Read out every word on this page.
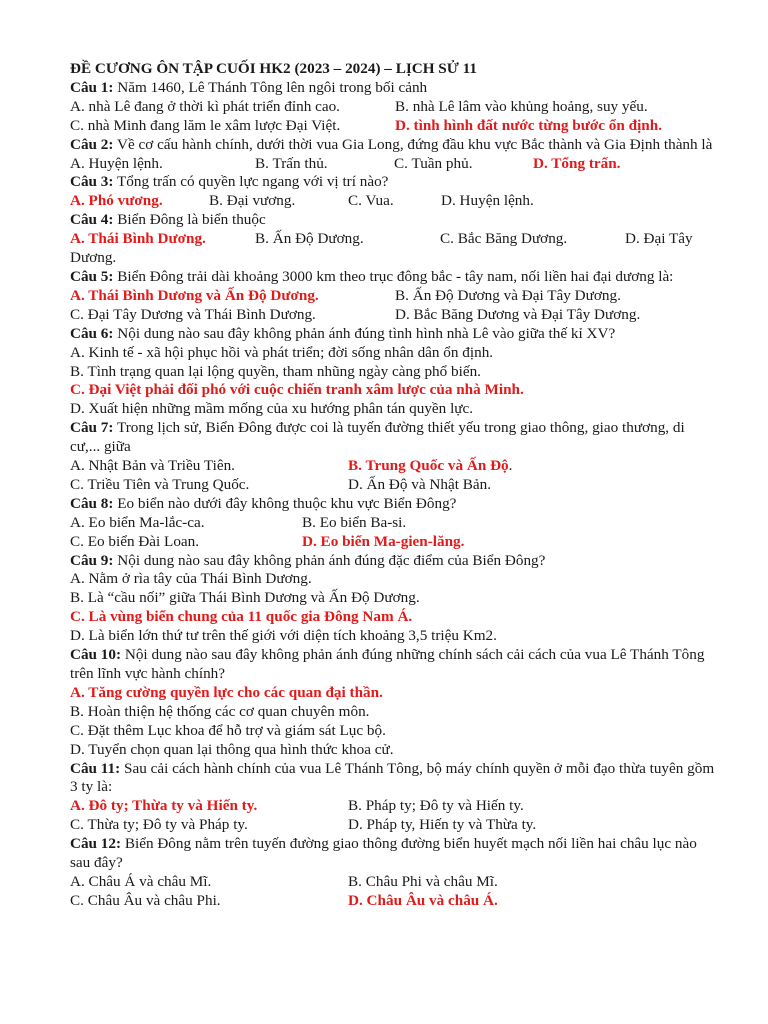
ĐỀ CƯƠNG ÔN TẬP CUỐI HK2 (2023 – 2024) – LỊCH SỬ 11

Câu 1: Năm 1460, Lê Thánh Tông lên ngôi trong bối cảnh

A. nhà Lê đang ở thời kì phát triển đỉnh cao.	B. nhà Lê lâm vào khủng hoảng, suy yếu.
C. nhà Minh đang lăm le xâm lược Đại Việt.	D. tình hình đất nước từng bước ổn định.

Câu 2: Về cơ cấu hành chính, dưới thời vua Gia Long, đứng đầu khu vực Bắc thành và Gia Định thành là

A. Huyện lệnh.	B. Trấn thủ.	C. Tuần phủ.	D. Tổng trấn.

Câu 3: Tổng trấn có quyền lực ngang với vị trí nào?

A. Phó vương.	B. Đại vương.	C. Vua.	D. Huyện lệnh.

Câu 4: Biển Đông là biển thuộc

A. Thái Bình Dương.	B. Ấn Độ Dương.	C. Bắc Băng Dương.	D. Đại Tây

Dương.

Câu 5: Biển Đông trải dài khoảng 3000 km theo trục đông bắc - tây nam, nối liền hai đại dương là:

A. Thái Bình Dương và Ấn Độ Dương.	B. Ấn Độ Dương và Đại Tây Dương.
C. Đại Tây Dương và Thái Bình Dương.	D. Bắc Băng Dương và Đại Tây Dương.

Câu 6: Nội dung nào sau đây không phản ánh đúng tình hình nhà Lê vào giữa thế kỉ XV?

A. Kinh tế - xã hội phục hồi và phát triển; đời sống nhân dân ổn định.

B. Tình trạng quan lại lộng quyền, tham nhũng ngày càng phổ biến.

C. Đại Việt phải đối phó với cuộc chiến tranh xâm lược của nhà Minh.

D. Xuất hiện những mầm mống của xu hướng phân tán quyền lực.

Câu 7: Trong lịch sử, Biển Đông được coi là tuyến đường thiết yếu trong giao thông, giao thương, di cư,... giữa

A. Nhật Bản và Triều Tiên.	B. Trung Quốc và Ấn Độ.
C. Triều Tiên và Trung Quốc.	D. Ấn Độ và Nhật Bản.

Câu 8: Eo biển nào dưới đây không thuộc khu vực Biển Đông?

A. Eo biển Ma-lắc-ca.	B. Eo biển Ba-si.
C. Eo biển Đài Loan.	D. Eo biển Ma-gien-lăng.

Câu 9: Nội dung nào sau đây không phản ánh đúng đặc điểm của Biển Đông?

A. Nằm ở rìa tây của Thái Bình Dương.

B. Là “cầu nối” giữa Thái Bình Dương và Ấn Độ Dương.

C. Là vùng biển chung của 11 quốc gia Đông Nam Á.

D. Là biển lớn thứ tư trên thế giới với diện tích khoảng 3,5 triệu Km2.

Câu 10: Nội dung nào sau đây không phản ánh đúng những chính sách cải cách của vua Lê Thánh Tông trên lĩnh vực hành chính?

A. Tăng cường quyền lực cho các quan đại thần.

B. Hoàn thiện hệ thống các cơ quan chuyên môn.

C. Đặt thêm Lục khoa để hỗ trợ và giám sát Lục bộ.

D. Tuyển chọn quan lại thông qua hình thức khoa cử.

Câu 11: Sau cải cách hành chính của vua Lê Thánh Tông, bộ máy chính quyền ở mỗi đạo thừa tuyên gồm 3 ty là:

A. Đô ty; Thừa ty và Hiến ty.	B. Pháp ty; Đô ty và Hiến ty.
C. Thừa ty; Đô ty và Pháp ty.	D. Pháp ty, Hiến ty và Thừa ty.

Câu 12: Biển Đông nằm trên tuyến đường giao thông đường biển huyết mạch nối liền hai châu lục nào sau đây?

A. Châu Á và châu Mĩ.	B. Châu Phi và châu Mĩ.
C. Châu Âu và châu Phi.	D. Châu Âu và châu Á.
